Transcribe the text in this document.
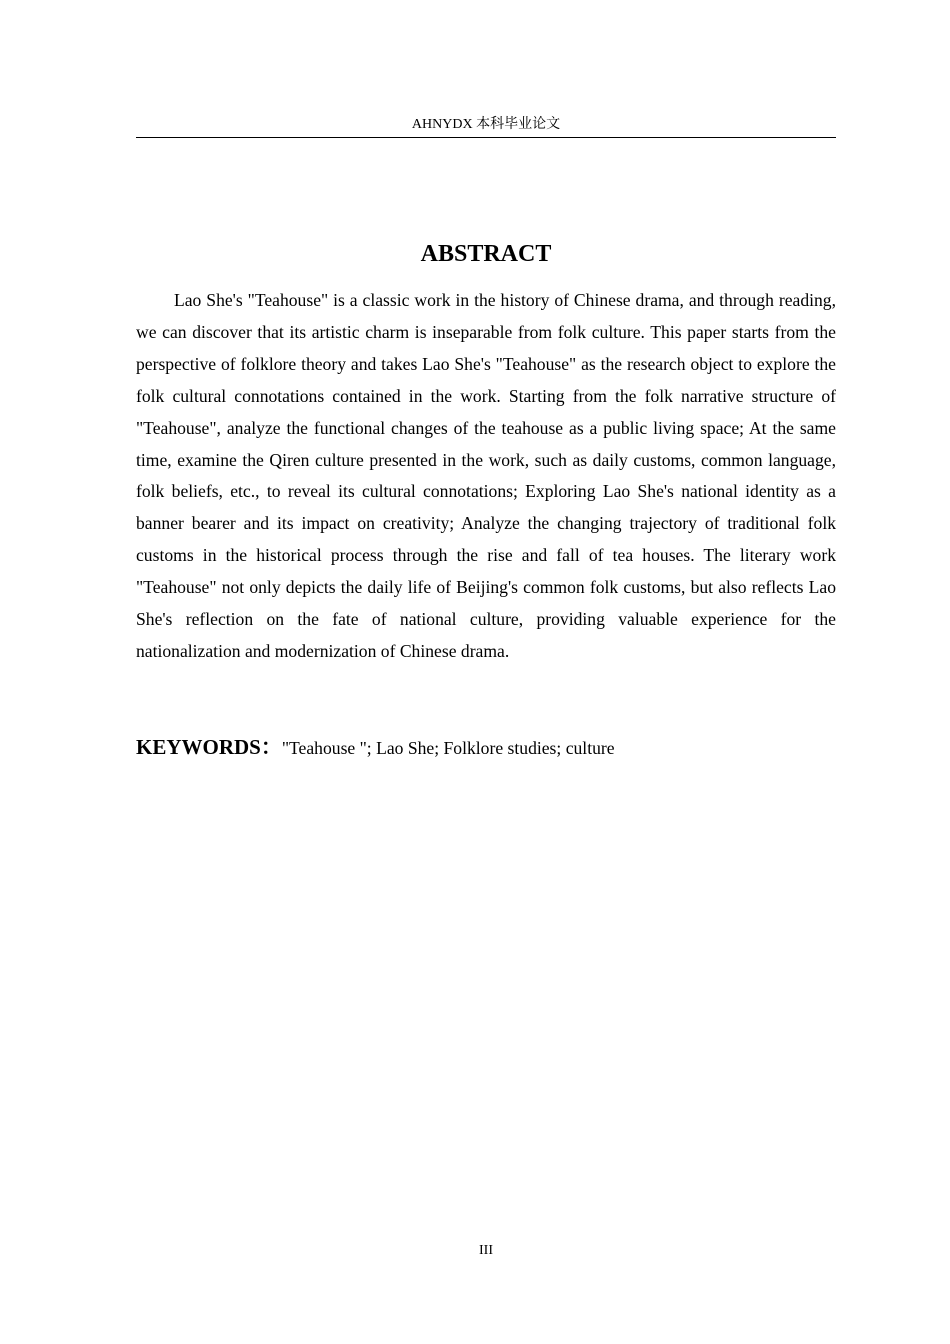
AHNYDX 本科毕业论文
ABSTRACT

Lao She's "Teahouse" is a classic work in the history of Chinese drama, and through reading, we can discover that its artistic charm is inseparable from folk culture. This paper starts from the perspective of folklore theory and takes Lao She's "Teahouse" as the research object to explore the folk cultural connotations contained in the work. Starting from the folk narrative structure of "Teahouse", analyze the functional changes of the teahouse as a public living space; At the same time, examine the Qiren culture presented in the work, such as daily customs, common language, folk beliefs, etc., to reveal its cultural connotations; Exploring Lao She's national identity as a banner bearer and its impact on creativity; Analyze the changing trajectory of traditional folk customs in the historical process through the rise and fall of tea houses. The literary work "Teahouse" not only depicts the daily life of Beijing's common folk customs, but also reflects Lao She's reflection on the fate of national culture, providing valuable experience for the nationalization and modernization of Chinese drama.

KEYWORDS："Teahouse "; Lao She; Folklore studies; culture

III
